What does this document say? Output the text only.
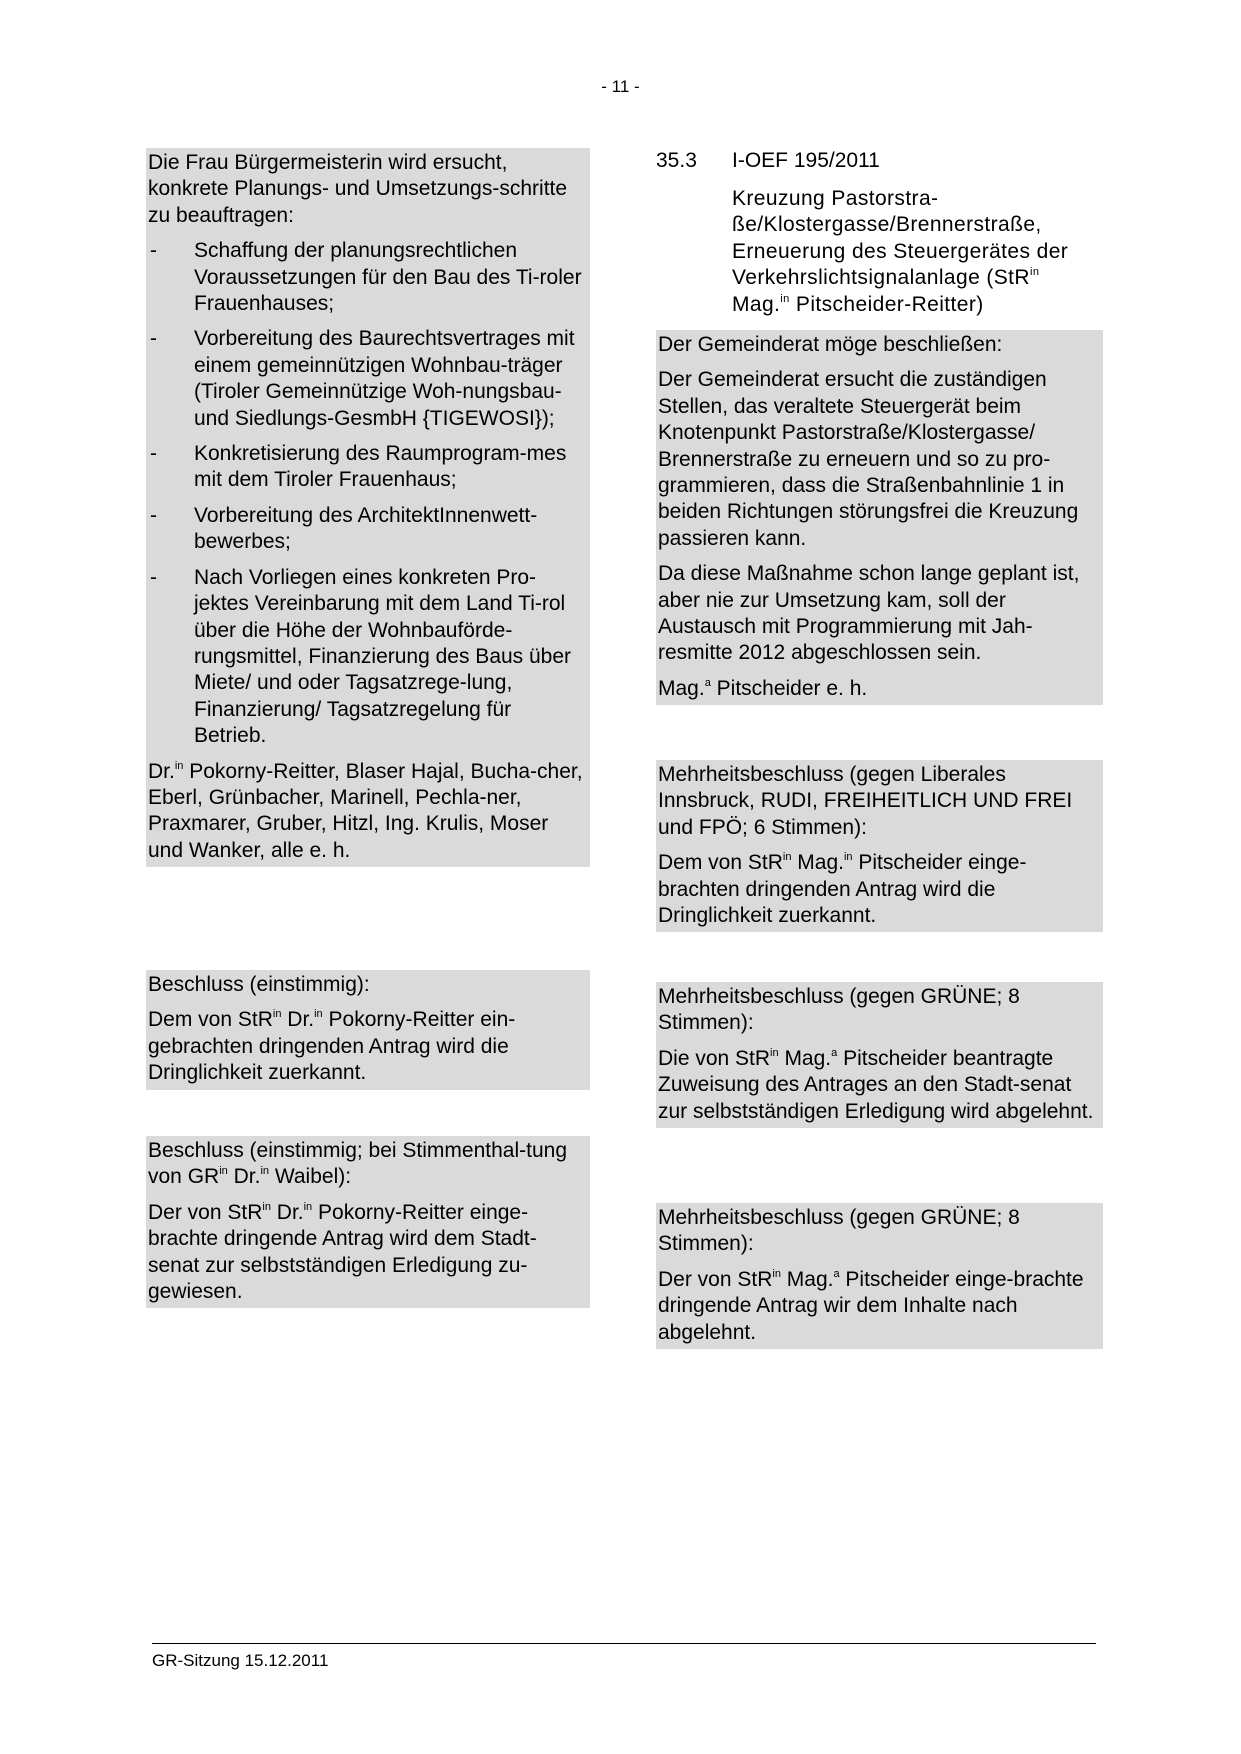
- 11 -

Die Frau Bürgermeisterin wird ersucht, konkrete Planungs- und Umsetzungs-schritte zu beauftragen:

- Schaffung der planungsrechtlichen Voraussetzungen für den Bau des Ti-roler Frauenhauses;
- Vorbereitung des Baurechtsvertrages mit einem gemeinnützigen Wohnbau-träger (Tiroler Gemeinnützige Woh-nungsbau- und Siedlungs-GesmbH {TIGEWOSI});
- Konkretisierung des Raumprogram-mes mit dem Tiroler Frauenhaus;
- Vorbereitung des ArchitektInnenwett-bewerbes;
- Nach Vorliegen eines konkreten Pro-jektes Vereinbarung mit dem Land Ti-rol über die Höhe der Wohnbauförde-rungsmittel, Finanzierung des Baus über Miete/ und oder Tagsatzrege-lung, Finanzierung/ Tagsatzregelung für Betrieb.

Dr.$^{in}$ Pokorny-Reitter, Blaser Hajal, Bucha-cher, Eberl, Grünbacher, Marinell, Pechla-ner, Praxmarer, Gruber, Hitzl, Ing. Krulis, Moser und Wanker, alle e. h.

Beschluss (einstimmig):

Dem von StR$^{in}$ Dr.$^{in}$ Pokorny-Reitter ein-gebrachten dringenden Antrag wird die Dringlichkeit zuerkannt.

Beschluss (einstimmig; bei Stimmenthal-tung von $GR^{in}$ Dr.$^{in}$ Waibel):

Der von StR$^{in}$ Dr.$^{in}$ Pokorny-Reitter einge-brachte dringende Antrag wird dem Stadt-senat zur selbstständigen Erledigung zu-gewiesen.

35.3 I-OEF 195/2011
Kreuzung Pastorstra-ße/Klostergasse/Brennerstraße, Erneuerung des Steuergerätes der Verkehrslichtsignalanlage (StR$^{in}$ Mag.$^{in}$ Pitscheider-Reitter)

Der Gemeinderat möge beschließen:

Der Gemeinderat ersucht die zuständigen Stellen, das veraltete Steuergerät beim Knotenpunkt Pastorstraße/Klostergasse/ Brennerstraße zu erneuern und so zu pro-grammieren, dass die Straßenbahnlinie 1 in beiden Richtungen störungsfrei die Kreuzung passieren kann.

Da diese Maßnahme schon lange geplant ist, aber nie zur Umsetzung kam, soll der Austausch mit Programmierung mit Jah-resmitte 2012 abgeschlossen sein.

Mag.$^a$ Pitscheider e. h.

Mehrheitsbeschluss (gegen Liberales Innsbruck, RUDI, FREIHEITLICH UND FREI und FPÖ; 6 Stimmen):

Dem von StR$^{in}$ Mag.$^{in}$ Pitscheider einge-brachten dringenden Antrag wird die Dringlichkeit zuerkannt.

Mehrheitsbeschluss (gegen GRÜNE; 8 Stimmen):

Die von StR$^{in}$ Mag.$^a$ Pitscheider beantragte Zuweisung des Antrages an den Stadt-senat zur selbstständigen Erledigung wird abgelehnt.

Mehrheitsbeschluss (gegen GRÜNE; 8 Stimmen):

Der von StR$^{in}$ Mag.$^a$ Pitscheider einge-brachte dringende Antrag wir dem Inhalte nach abgelehnt.

GR-Sitzung 15.12.2011
